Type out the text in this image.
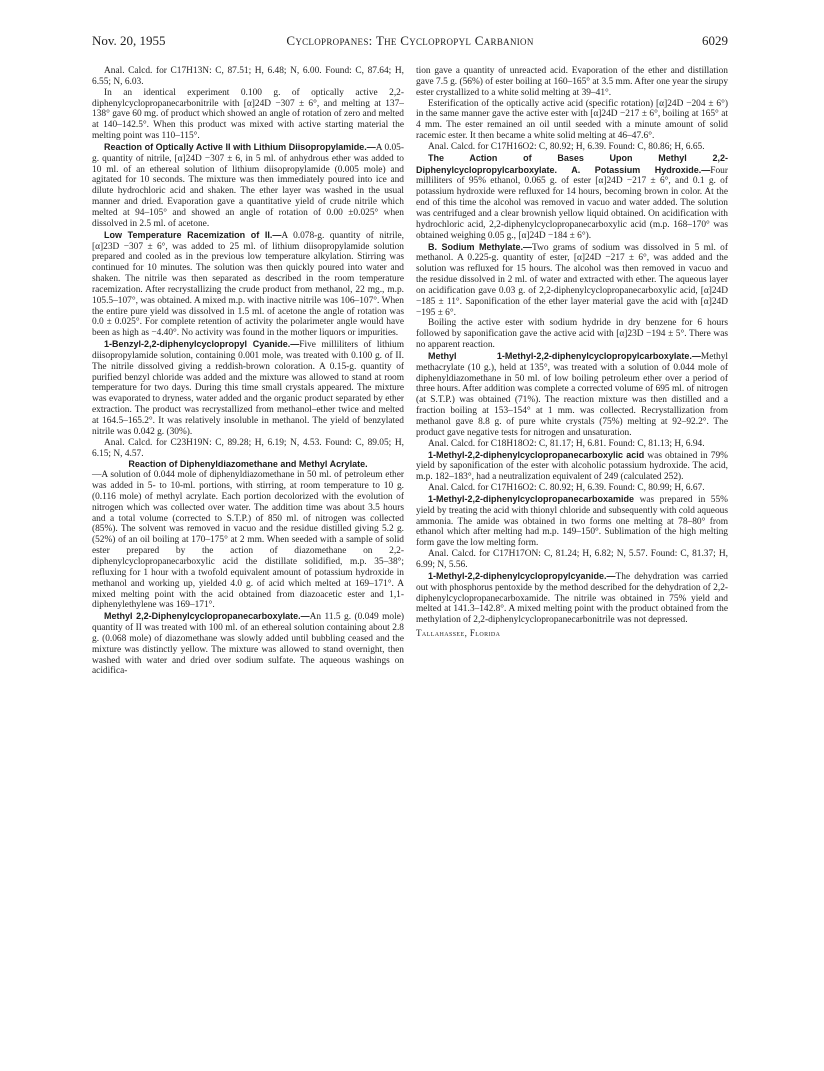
Nov. 20, 1955	Cyclopropanes: The Cyclopropyl Carbanion	6029

Anal. Calcd. for C17H13N: C, 87.51; H, 6.48; N, 6.00. Found: C, 87.64; H, 6.55; N, 6.03.

In an identical experiment 0.100 g. of optically active 2,2-diphenylcyclopropanecarbonitrile with [α]24D −307 ± 6°, and melting at 137–138° gave 60 mg. of product which showed an angle of rotation of zero and melted at 140–142.5°. When this product was mixed with active starting material the melting point was 110–115°.

Reaction of Optically Active II with Lithium Diisopropylamide.—A 0.05-g. quantity of nitrile, [α]24D −307 ± 6, in 5 ml. of anhydrous ether was added to 10 ml. of an ethereal solution of lithium diisopropylamide (0.005 mole) and agitated for 10 seconds. The mixture was then immediately poured into ice and dilute hydrochloric acid and shaken. The ether layer was washed in the usual manner and dried. Evaporation gave a quantitative yield of crude nitrile which melted at 94–105° and showed an angle of rotation of 0.00 ±0.025° when dissolved in 2.5 ml. of acetone.

Low Temperature Racemization of II.—A 0.078-g. quantity of nitrile, [α]23D −307 ± 6°, was added to 25 ml. of lithium diisopropylamide solution prepared and cooled as in the previous low temperature alkylation. Stirring was continued for 10 minutes. The solution was then quickly poured into water and shaken. The nitrile was then separated as described in the room temperature racemization. After recrystallizing the crude product from methanol, 22 mg., m.p. 105.5–107°, was obtained. A mixed m.p. with inactive nitrile was 106–107°. When the entire pure yield was dissolved in 1.5 ml. of acetone the angle of rotation was 0.0 ± 0.025°. For complete retention of activity the polarimeter angle would have been as high as −4.40°. No activity was found in the mother liquors or impurities.

1-Benzyl-2,2-diphenylcyclopropyl Cyanide.—Five milliliters of lithium diisopropylamide solution, containing 0.001 mole, was treated with 0.100 g. of II. The nitrile dissolved giving a reddish-brown coloration. A 0.15-g. quantity of purified benzyl chloride was added and the mixture was allowed to stand at room temperature for two days. During this time small crystals appeared. The mixture was evaporated to dryness, water added and the organic product separated by ether extraction. The product was recrystallized from methanol–ether twice and melted at 164.5–165.2°. It was relatively insoluble in methanol. The yield of benzylated nitrile was 0.042 g. (30%).

Anal. Calcd. for C23H19N: C, 89.28; H, 6.19; N, 4.53. Found: C, 89.05; H, 6.15; N, 4.57.

Reaction of Diphenyldiazomethane and Methyl Acrylate.

—A solution of 0.044 mole of diphenyldiazomethane in 50 ml. of petroleum ether was added in 5- to 10-ml. portions, with stirring, at room temperature to 10 g. (0.116 mole) of methyl acrylate. Each portion decolorized with the evolution of nitrogen which was collected over water. The addition time was about 3.5 hours and a total volume (corrected to S.T.P.) of 850 ml. of nitrogen was collected (85%). The solvent was removed in vacuo and the residue distilled giving 5.2 g. (52%) of an oil boiling at 170–175° at 2 mm. When seeded with a sample of solid ester prepared by the action of diazomethane on 2,2-diphenylcyclopropanecarboxylic acid the distillate solidified, m.p. 35–38°; refluxing for 1 hour with a twofold equivalent amount of potassium hydroxide in methanol and working up, yielded 4.0 g. of acid which melted at 169–171°. A mixed melting point with the acid obtained from diazoacetic ester and 1,1-diphenylethylene was 169–171°.

Methyl 2,2-Diphenylcyclopropanecarboxylate.—An 11.5 g. (0.049 mole) quantity of II was treated with 100 ml. of an ethereal solution containing about 2.8 g. (0.068 mole) of diazomethane was slowly added until bubbling ceased and the mixture was distinctly yellow. The mixture was allowed to stand overnight, then washed with water and dried over sodium sulfate. The aqueous washings on acidifica-

tion gave a quantity of unreacted acid. Evaporation of the ether and distillation gave 7.5 g. (56%) of ester boiling at 160–165° at 3.5 mm. After one year the sirupy ester crystallized to a white solid melting at 39–41°.

Esterification of the optically active acid (specific rotation) [α]24D −204 ± 6°) in the same manner gave the active ester with [α]24D −217 ± 6°, boiling at 165° at 4 mm. The ester remained an oil until seeded with a minute amount of solid racemic ester. It then became a white solid melting at 46–47.6°.

Anal. Calcd. for C17H16O2: C, 80.92; H, 6.39. Found: C, 80.86; H, 6.65.

The Action of Bases Upon Methyl 2,2-Diphenylcyclopropylcarboxylate. A. Potassium Hydroxide.—Four milliliters of 95% ethanol, 0.065 g. of ester [α]24D −217 ± 6°, and 0.1 g. of potassium hydroxide were refluxed for 14 hours, becoming brown in color. At the end of this time the alcohol was removed in vacuo and water added. The solution was centrifuged and a clear brownish yellow liquid obtained. On acidification with hydrochloric acid, 2,2-diphenylcyclopropanecarboxylic acid (m.p. 168–170° was obtained weighing 0.05 g., [α]24D −184 ± 6°).

B. Sodium Methylate.—Two grams of sodium was dissolved in 5 ml. of methanol. A 0.225-g. quantity of ester, [α]24D −217 ± 6°, was added and the solution was refluxed for 15 hours. The alcohol was then removed in vacuo and the residue dissolved in 2 ml. of water and extracted with ether. The aqueous layer on acidification gave 0.03 g. of 2,2-diphenylcyclopropanecarboxylic acid, [α]24D −185 ± 11°. Saponification of the ether layer material gave the acid with [α]24D −195 ± 6°.

Boiling the active ester with sodium hydride in dry benzene for 6 hours followed by saponification gave the active acid with [α]23D −194 ± 5°. There was no apparent reaction.

Methyl 1-Methyl-2,2-diphenylcyclopropylcarboxylate.—Methyl methacrylate (10 g.), held at 135°, was treated with a solution of 0.044 mole of diphenyldiazomethane in 50 ml. of low boiling petroleum ether over a period of three hours. After addition was complete a corrected volume of 695 ml. of nitrogen (at S.T.P.) was obtained (71%). The reaction mixture was then distilled and a fraction boiling at 153–154° at 1 mm. was collected. Recrystallization from methanol gave 8.8 g. of pure white crystals (75%) melting at 92–92.2°. The product gave negative tests for nitrogen and unsaturation.

Anal. Calcd. for C18H18O2: C, 81.17; H, 6.81. Found: C, 81.13; H, 6.94.

1-Methyl-2,2-diphenylcyclopropanecarboxylic acid was obtained in 79% yield by saponification of the ester with alcoholic potassium hydroxide. The acid, m.p. 182–183°, had a neutralization equivalent of 249 (calculated 252).

Anal. Calcd. for C17H16O2: C. 80.92; H, 6.39. Found: C, 80.99; H, 6.67.

1-Methyl-2,2-diphenylcyclopropanecarboxamide was prepared in 55% yield by treating the acid with thionyl chloride and subsequently with cold aqueous ammonia. The amide was obtained in two forms one melting at 78–80° from ethanol which after melting had m.p. 149–150°. Sublimation of the high melting form gave the low melting form.

Anal. Calcd. for C17H17ON: C, 81.24; H, 6.82; N, 5.57. Found: C, 81.37; H, 6.99; N, 5.56.

1-Methyl-2,2-diphenylcyclopropylcyanide.—The dehydration was carried out with phosphorus pentoxide by the method described for the dehydration of 2,2-diphenylcyclopropanecarboxamide. The nitrile was obtained in 75% yield and melted at 141.3–142.8°. A mixed melting point with the product obtained from the methylation of 2,2-diphenylcyclopropanecarbonitrile was not depressed.

Tallahassee, Florida
